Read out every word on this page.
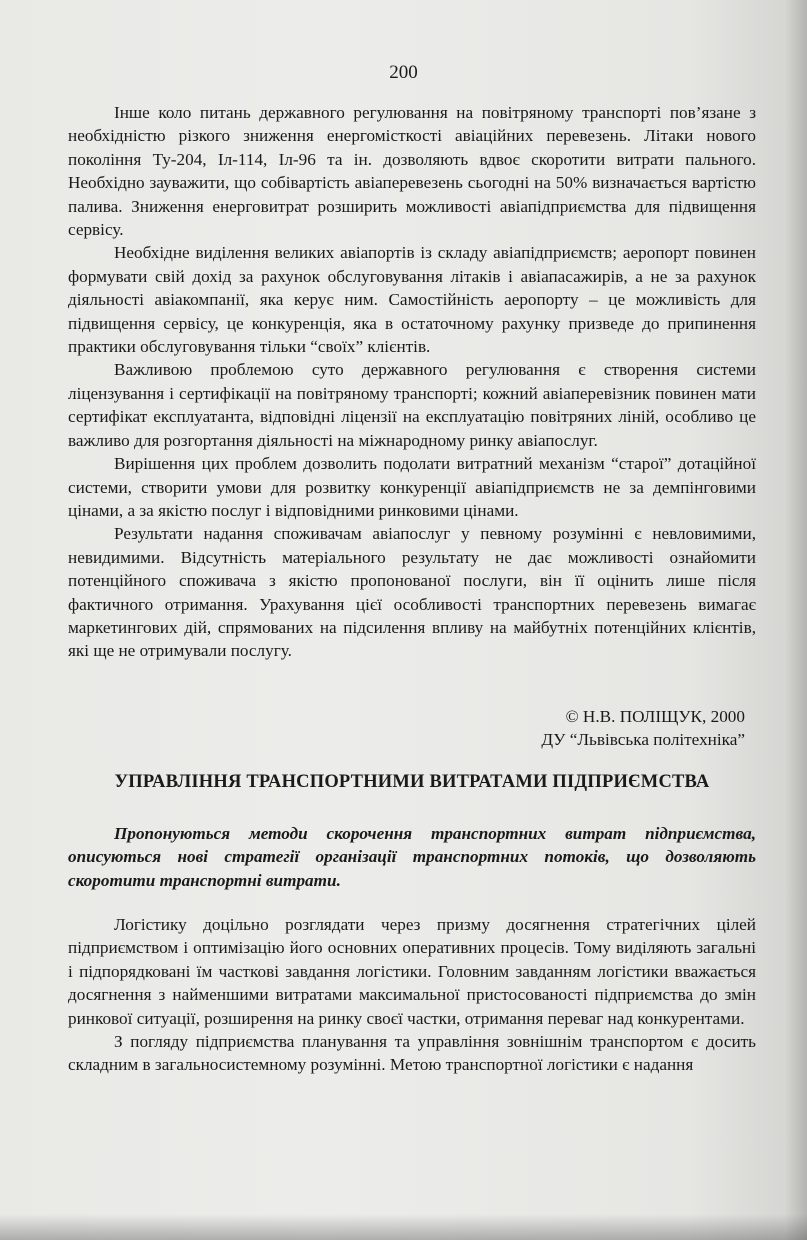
200

Інше коло питань державного регулювання на повітряному транспорті пов’язане з необхідністю різкого зниження енергомісткості авіаційних перевезень. Літаки нового покоління Ту-204, Іл-114, Іл-96 та ін. дозволяють вдвоє скоротити витрати пального. Необхідно зауважити, що собівартість авіаперевезень сьогодні на 50% визначається вартістю палива. Зниження енерговитрат розширить можливості авіапідприємства для підвищення сервісу.

Необхідне виділення великих авіапортів із складу авіапідприємств; аеропорт повинен формувати свій дохід за рахунок обслуговування літаків і авіапасажирів, а не за рахунок діяльності авіакомпанії, яка керує ним. Самостійність аеропорту – це можливість для підвищення сервісу, це конкуренція, яка в остаточному рахунку призведе до припинення практики обслуговування тільки “своїх” клієнтів.

Важливою проблемою суто державного регулювання є створення системи ліцензування і сертифікації на повітряному транспорті; кожний авіаперевізник повинен мати сертифікат експлуатанта, відповідні ліцензії на експлуатацію повітряних ліній, особливо це важливо для розгортання діяльності на міжнародному ринку авіапослуг.

Вирішення цих проблем дозволить подолати витратний механізм “старої” дотаційної системи, створити умови для розвитку конкуренції авіапідприємств не за демпінговими цінами, а за якістю послуг і відповідними ринковими цінами.

Результати надання споживачам авіапослуг у певному розумінні є невловимими, невидимими. Відсутність матеріального результату не дає можливості ознайомити потенційного споживача з якістю пропонованої послуги, він її оцінить лише після фактичного отримання. Урахування цієї особливості транспортних перевезень вимагає маркетингових дій, спрямованих на підсилення впливу на майбутніх потенційних клієнтів, які ще не отримували послугу.

© Н.В. ПОЛІЩУК, 2000
ДУ “Львівська політехніка”
УПРАВЛІННЯ ТРАНСПОРТНИМИ ВИТРАТАМИ ПІДПРИЄМСТВА

Пропонуються методи скорочення транспортних витрат підприємства, описуються нові стратегії організації транспортних потоків, що дозволяють скоротити транспортні витрати.

Логістику доцільно розглядати через призму досягнення стратегічних цілей підприємством і оптимізацію його основних оперативних процесів. Тому виділяють загальні і підпорядковані їм часткові завдання логістики. Головним завданням логістики вважається досягнення з найменшими витратами максимальної пристосованості підприємства до змін ринкової ситуації, розширення на ринку своєї частки, отримання переваг над конкурентами.

З погляду підприємства планування та управління зовнішнім транспортом є досить складним в загальносистемному розумінні. Метою транспортної логістики є надання
